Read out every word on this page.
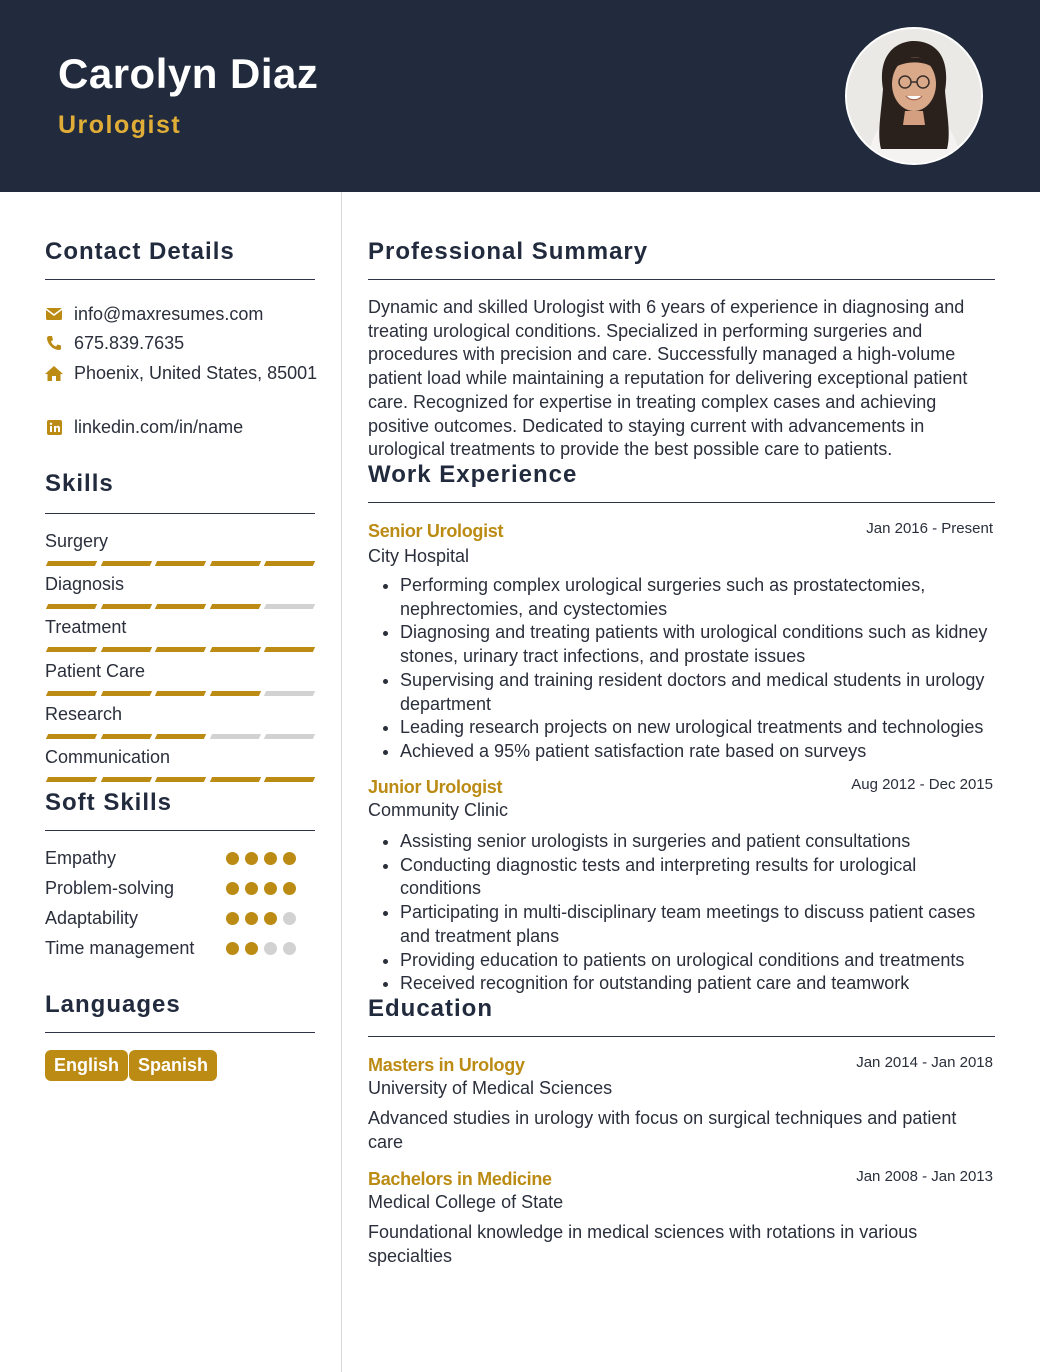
Carolyn Diaz
Urologist
Contact Details
info@maxresumes.com
675.839.7635
Phoenix, United States, 85001
linkedin.com/in/name
Skills
Surgery
Diagnosis
Treatment
Patient Care
Research
Communication
Soft Skills
Empathy
Problem-solving
Adaptability
Time management
Languages
English	Spanish
Professional Summary
Dynamic and skilled Urologist with 6 years of experience in diagnosing and treating urological conditions. Specialized in performing surgeries and procedures with precision and care. Successfully managed a high-volume patient load while maintaining a reputation for delivering exceptional patient care. Recognized for expertise in treating complex cases and achieving positive outcomes. Dedicated to staying current with advancements in urological treatments to provide the best possible care to patients.
Work Experience
Senior Urologist	Jan 2016 - Present
City Hospital
• Performing complex urological surgeries such as prostatectomies, nephrectomies, and cystectomies
• Diagnosing and treating patients with urological conditions such as kidney stones, urinary tract infections, and prostate issues
• Supervising and training resident doctors and medical students in urology department
• Leading research projects on new urological treatments and technologies
• Achieved a 95% patient satisfaction rate based on surveys
Junior Urologist	Aug 2012 - Dec 2015
Community Clinic
• Assisting senior urologists in surgeries and patient consultations
• Conducting diagnostic tests and interpreting results for urological conditions
• Participating in multi-disciplinary team meetings to discuss patient cases and treatment plans
• Providing education to patients on urological conditions and treatments
• Received recognition for outstanding patient care and teamwork
Education
Masters in Urology	Jan 2014 - Jan 2018
University of Medical Sciences
Advanced studies in urology with focus on surgical techniques and patient care
Bachelors in Medicine	Jan 2008 - Jan 2013
Medical College of State
Foundational knowledge in medical sciences with rotations in various specialties
